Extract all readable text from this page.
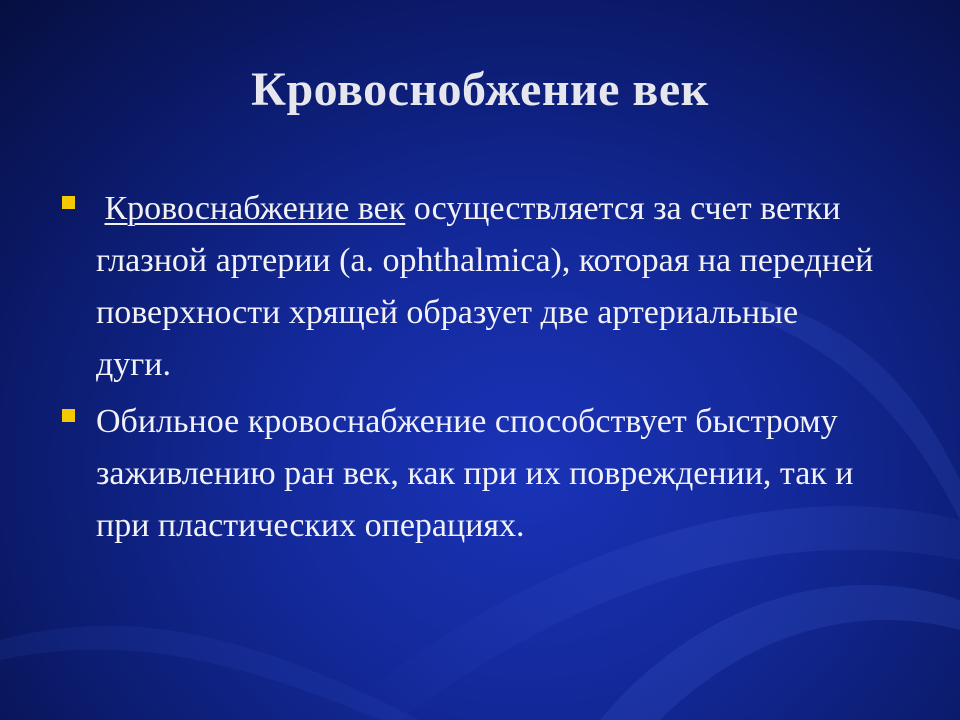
Кровоснобжение век
Кровоснабжение век осуществляется за счет ветки глазной артерии (a. ophthalmica), которая на передней поверхности хрящей образует две артериальные дуги.
Обильное кровоснабжение способствует быстрому заживлению ран век, как при их повреждении, так и при пластических операциях.
